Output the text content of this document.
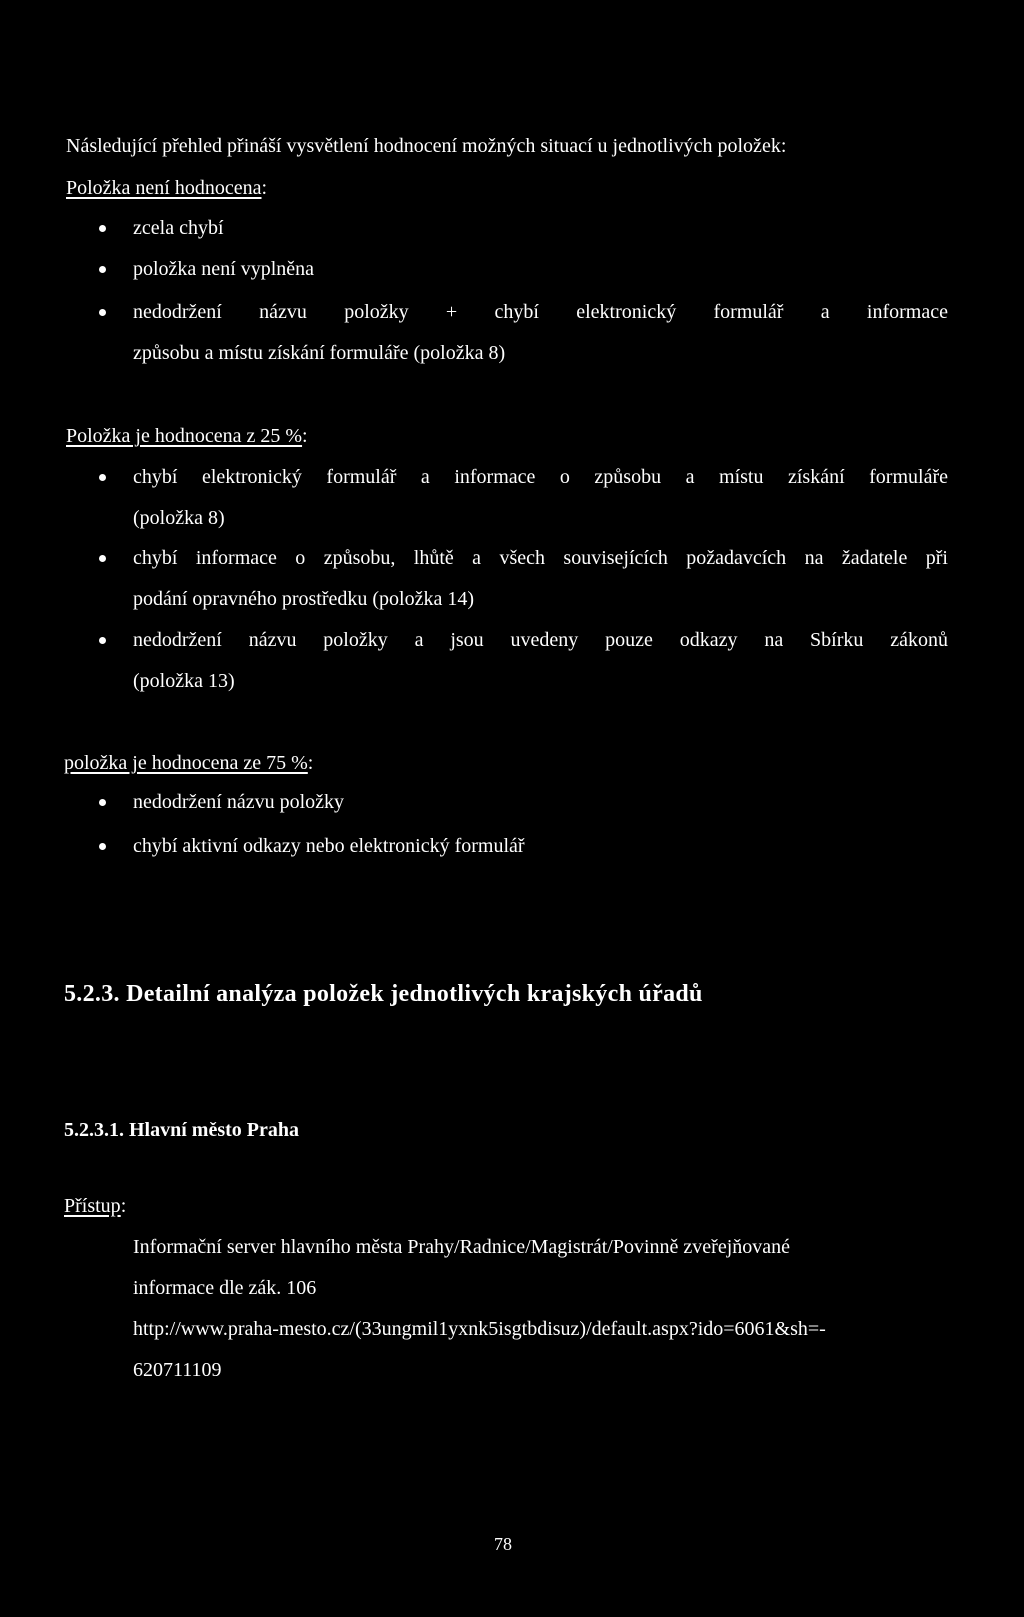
Následující přehled přináší vysvětlení hodnocení možných situací u jednotlivých položek:
Položka není hodnocena:
zcela chybí
položka není vyplněna
nedodržení názvu položky + chybí elektronický formulář a informace
způsobu a místu získání formuláře (položka 8)
Položka je hodnocena z 25 %:
chybí elektronický formulář a informace o způsobu a místu získání formuláře
(položka 8)
chybí informace o způsobu, lhůtě a všech souvisejících požadavcích na žadatele při
podání opravného prostředku (položka 14)
nedodržení názvu položky a jsou uvedeny pouze odkazy na Sbírku zákonů
(položka 13)
položka je hodnocena ze 75 %:
nedodržení názvu položky
chybí aktivní odkazy nebo elektronický formulář
5.2.3. Detailní analýza položek jednotlivých krajských úřadů
5.2.3.1. Hlavní město Praha
Přístup:
Informační server hlavního města Prahy/Radnice/Magistrát/Povinně zveřejňované
informace dle zák. 106
http://www.praha-mesto.cz/(33ungmil1yxnk5isgtbdisuz)/default.aspx?ido=6061&sh=-
620711109
78
